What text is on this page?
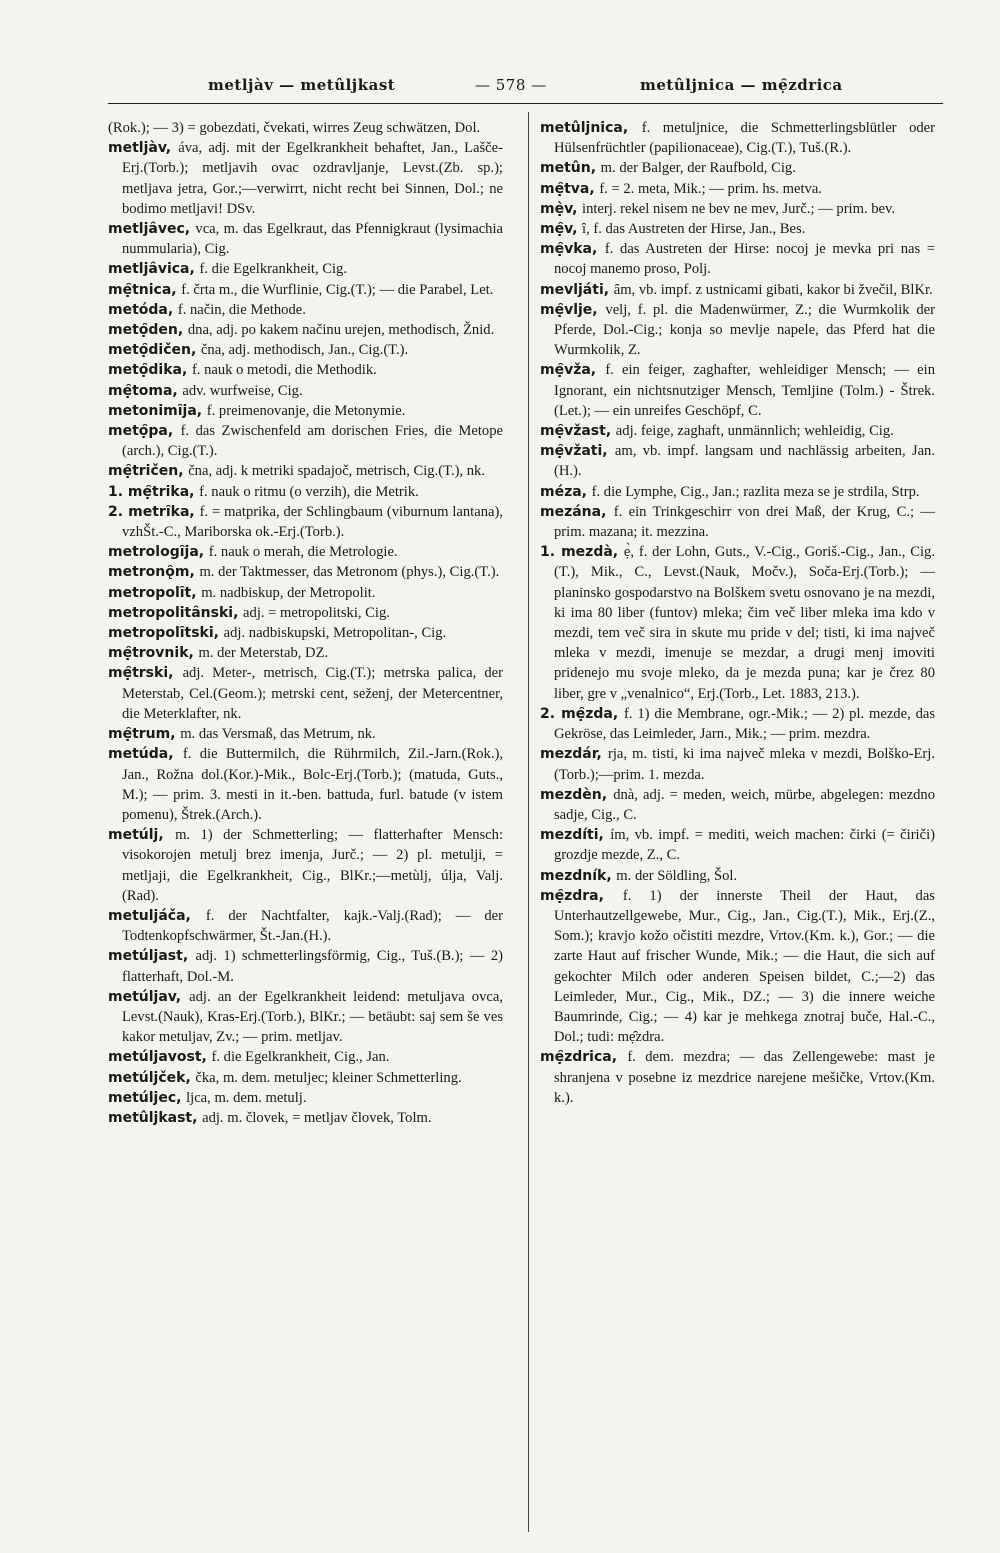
metljàv — metûljkast	— 578 —	metûljnica — mẹ̑zdrica

(Rok.); — 3) = gobezdati, čvekati, wirres Zeug schwätzen, Dol.

metljàv, áva, adj. mit der Egelkrankheit behaftet, Jan., Lašče-Erj.(Torb.); metljavih ovac ozdravljanje, Levst.(Zb. sp.); metljava jetra, Gor.;—verwirrt, nicht recht bei Sinnen, Dol.; ne bodimo metljavi! DSv.

metljȃvec, vca, m. das Egelkraut, das Pfennigkraut (lysimachia nummularia), Cig.

metljȃvica, f. die Egelkrankheit, Cig.

mẹ̑tnica, f. črta m., die Wurflinie, Cig.(T.); — die Parabel, Let.

metóda, f. način, die Methode.

metọ̑den, dna, adj. po kakem načinu urejen, methodisch, Žnid.

metọ̑dičen, čna, adj. methodisch, Jan., Cig.(T.).

metọ̑dika, f. nauk o metodi, die Methodik.

mẹ̑toma, adv. wurfweise, Cig.

metonimȋja, f. preimenovanje, die Metonymie.

metọ̑pa, f. das Zwischenfeld am dorischen Fries, die Metope (arch.), Cig.(T.).

mẹ̑tričen, čna, adj. k metriki spadajoč, metrisch, Cig.(T.), nk.

1. mẹ̑trika, f. nauk o ritmu (o verzih), die Metrik.

2. metrȋka, f. = matprika, der Schlingbaum (viburnum lantana), vzhŠt.-C., Mariborska ok.-Erj.(Torb.).

metrologȋja, f. nauk o merah, die Metrologie.

metronǫ̑m, m. der Taktmesser, das Metronom (phys.), Cig.(T.).

metropolȋt, m. nadbiskup, der Metropolit.

metropolitȃnski, adj. = metropolitski, Cig.

metropolȋtski, adj. nadbiskupski, Metropolitan-, Cig.

mẹ̑trovnik, m. der Meterstab, DZ.

mẹ̑trski, adj. Meter-, metrisch, Cig.(T.); metrska palica, der Meterstab, Cel.(Geom.); metrski cent, seženj, der Metercentner, die Meterklafter, nk.

mẹ̑trum, m. das Versmaß, das Metrum, nk.

metúda, f. die Buttermilch, die Rührmilch, Zil.-Jarn.(Rok.), Jan., Rožna dol.(Kor.)-Mik., Bolc-Erj.(Torb.); (matuda, Guts., M.); — prim. 3. mesti in it.-ben. battuda, furl. batude (v istem pomenu), Štrek.(Arch.).

metúlj, m. 1) der Schmetterling; — flatterhafter Mensch: visokorojen metulj brez imenja, Jurč.; — 2) pl. metulji, = metljaji, die Egelkrankheit, Cig., BlKr.;—metùlj, úlja, Valj.(Rad).

metuljáča, f. der Nachtfalter, kajk.-Valj.(Rad); — der Todtenkopfschwärmer, Št.-Jan.(H.).

metúljast, adj. 1) schmetterlingsförmig, Cig., Tuš.(B.); — 2) flatterhaft, Dol.-M.

metúljav, adj. an der Egelkrankheit leidend: metuljava ovca, Levst.(Nauk), Kras-Erj.(Torb.), BlKr.; — betäubt: saj sem še ves kakor metuljav, Zv.; — prim. metljav.

metúljavost, f. die Egelkrankheit, Cig., Jan.

metúljček, čka, m. dem. metuljec; kleiner Schmetterling.

metúljec, ljca, m. dem. metulj.

metûljkast, adj. m. človek, = metljav človek, Tolm.

metûljnica, f. metuljnice, die Schmetterlingsblütler oder Hülsenfrüchtler (papilionaceae), Cig.(T.), Tuš.(R.).

metûn, m. der Balger, der Raufbold, Cig.

mẹ̑tva, f. = 2. meta, Mik.; — prim. hs. metva.

mẹ̀v, interj. rekel nisem ne bev ne mev, Jurč.; — prim. bev.

mẹ̑v, ȋ, f. das Austreten der Hirse, Jan., Bes.

mẹ̑vka, f. das Austreten der Hirse: nocoj je mevka pri nas = nocoj manemo proso, Polj.

mevljáti, ȃm, vb. impf. z ustnicami gibati, kakor bi žvečil, BlKr.

mẹ̑vlje, velj, f. pl. die Madenwürmer, Z.; die Wurmkolik der Pferde, Dol.-Cig.; konja so mevlje napele, das Pferd hat die Wurmkolik, Z.

mẹ̑vža, f. ein feiger, zaghafter, wehleidiger Mensch; — ein Ignorant, ein nichtsnutziger Mensch, Temljine (Tolm.) - Štrek.(Let.); — ein unreifes Geschöpf, C.

mẹ̑vžast, adj. feige, zaghaft, unmännlich; wehleidig, Cig.

mẹ̑vžati, am, vb. impf. langsam und nachlässig arbeiten, Jan.(H.).

méza, f. die Lymphe, Cig., Jan.; razlita meza se je strdila, Strp.

mezána, f. ein Trinkgeschirr von drei Maß, der Krug, C.; — prim. mazana; it. mezzina.

1. mezdà, ẹ̀, f. der Lohn, Guts., V.-Cig., Goriš.-Cig., Jan., Cig.(T.), Mik., C., Levst.(Nauk, Močv.), Soča-Erj.(Torb.); — planinsko gospodarstvo na Bolškem svetu osnovano je na mezdi, ki ima 80 liber (funtov) mleka; čim več liber mleka ima kdo v mezdi, tem več sira in skute mu pride v del; tisti, ki ima največ mleka v mezdi, imenuje se mezdar, a drugi menj imoviti pridenejo mu svoje mleko, da je mezda puna; kar je črez 80 liber, gre v „venalnico“, Erj.(Torb., Let. 1883, 213.).

2. mẹ̑zda, f. 1) die Membrane, ogr.-Mik.; — 2) pl. mezde, das Gekröse, das Leimleder, Jarn., Mik.; — prim. mezdra.

mezdár, rja, m. tisti, ki ima največ mleka v mezdi, Bolško-Erj.(Torb.);—prim. 1. mezda.

mezdèn, dnà, adj. = meden, weich, mürbe, abgelegen: mezdno sadje, Cig., C.

mezdíti, ím, vb. impf. = mediti, weich machen: čirki (= čiriči) grozdje mezde, Z., C.

mezdník, m. der Söldling, Šol.

mẹ̑zdra, f. 1) der innerste Theil der Haut, das Unterhautzellgewebe, Mur., Cig., Jan., Cig.(T.), Mik., Erj.(Z., Som.); kravjo kožo očistiti mezdre, Vrtov.(Km. k.), Gor.; — die zarte Haut auf frischer Wunde, Mik.; — die Haut, die sich auf gekochter Milch oder anderen Speisen bildet, C.;—2) das Leimleder, Mur., Cig., Mik., DZ.; — 3) die innere weiche Baumrinde, Cig.; — 4) kar je mehkega znotraj buče, Hal.-C., Dol.; tudi: mẹ̑zdra.

mẹ̑zdrica, f. dem. mezdra; — das Zellengewebe: mast je shranjena v posebne iz mezdrice narejene mešičke, Vrtov.(Km. k.).
